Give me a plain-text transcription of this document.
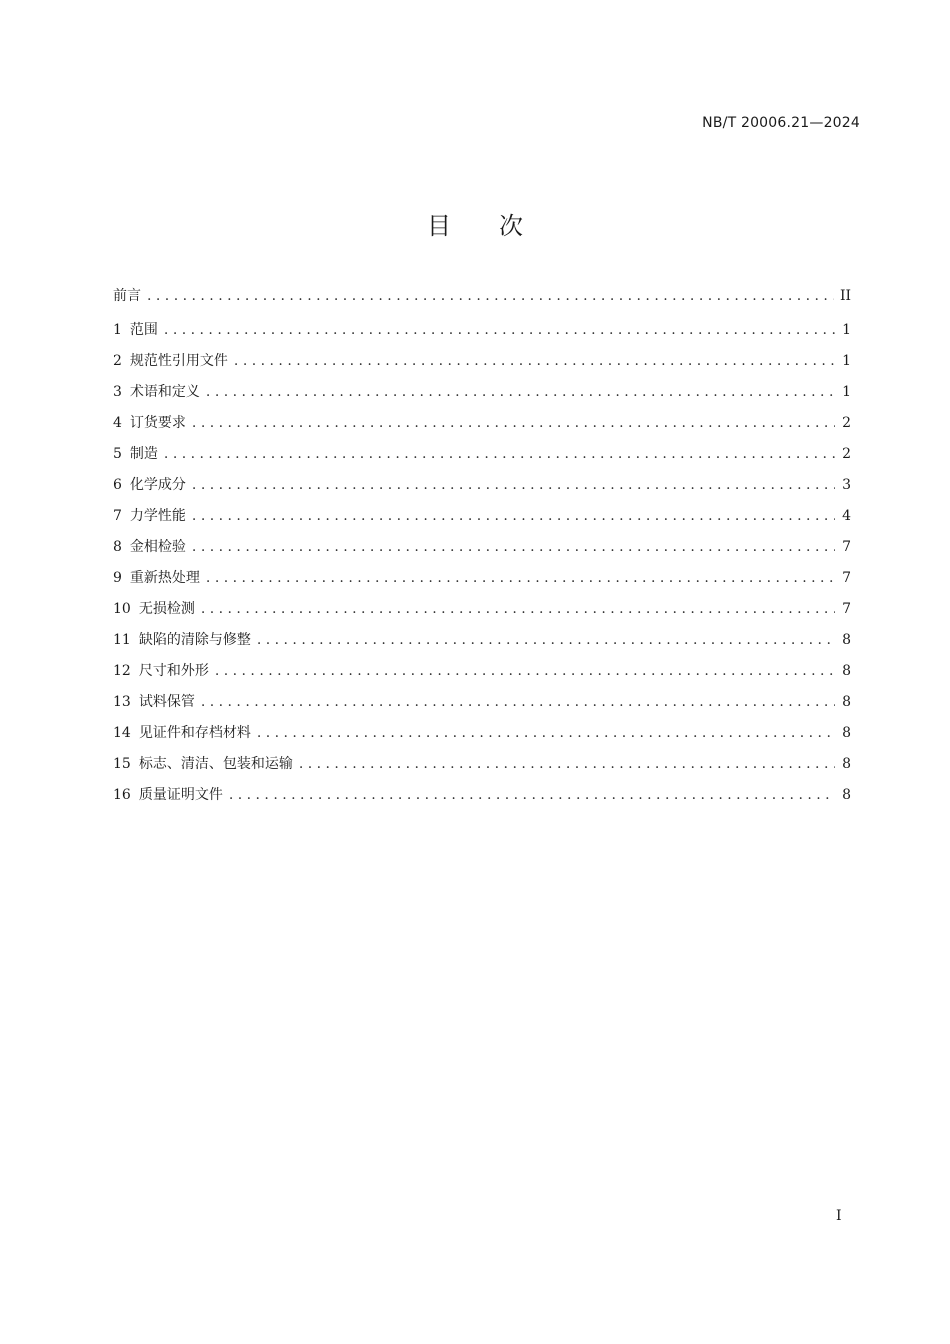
NB/T 20006.21—2024
目 次
前言 . . .	II
1 范围 . . .	1
2 规范性引用文件 . . .	1
3 术语和定义 . . .	1
4 订货要求 . . .	2
5 制造 . . .	2
6 化学成分 . . .	3
7 力学性能 . . .	4
8 金相检验 . . .	7
9 重新热处理 . . .	7
10 无损检测 . . .	7
11 缺陷的清除与修整 . . .	8
12 尺寸和外形 . . .	8
13 试料保管 . . .	8
14 见证件和存档材料 . . .	8
15 标志、清洁、包装和运输 . . .	8
16 质量证明文件 . . .	8
I
